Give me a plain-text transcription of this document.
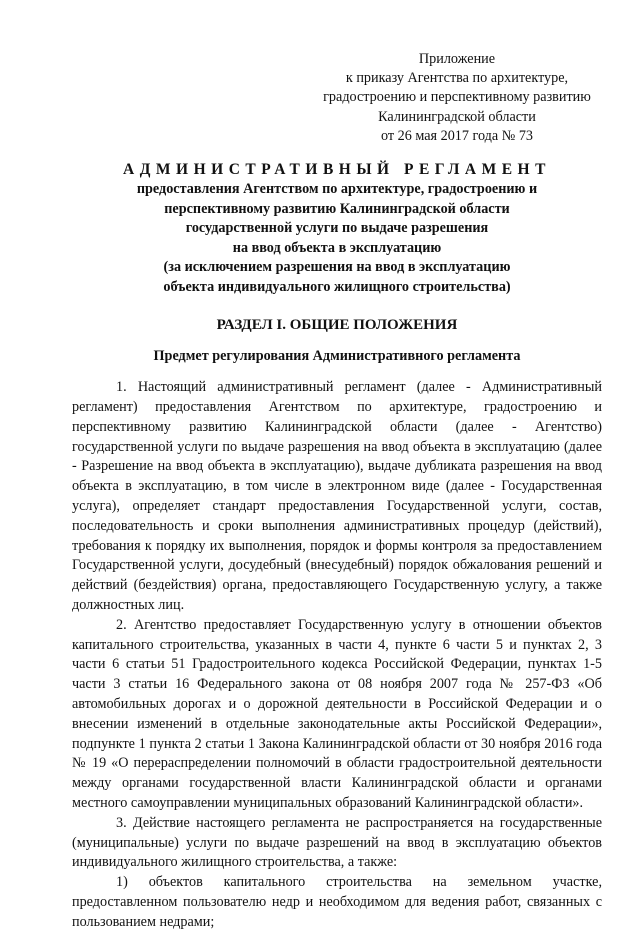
Приложение
к приказу Агентства по архитектуре,
градостроению и перспективному развитию
Калининградской области
от 26 мая 2017 года № 73
АДМИНИСТРАТИВНЫЙ РЕГЛАМЕНТ
предоставления Агентством по архитектуре, градостроению и
перспективному развитию Калининградской области
государственной услуги по выдаче разрешения
на ввод объекта в эксплуатацию
(за исключением разрешения на ввод в эксплуатацию
объекта индивидуального жилищного строительства)
РАЗДЕЛ I. ОБЩИЕ ПОЛОЖЕНИЯ
Предмет регулирования Административного регламента

1. Настоящий административный регламент (далее - Административный регламент) предоставления Агентством по архитектуре, градостроению и перспективному развитию Калининградской области (далее - Агентство) государственной услуги по выдаче разрешения на ввод объекта в эксплуатацию (далее - Разрешение на ввод объекта в эксплуатацию), выдаче дубликата разрешения на ввод объекта в эксплуатацию, в том числе в электронном виде (далее - Государственная услуга), определяет стандарт предоставления Государственной услуги, состав, последовательность и сроки выполнения административных процедур (действий), требования к порядку их выполнения, порядок и формы контроля за предоставлением Государственной услуги, досудебный (внесудебный) порядок обжалования решений и действий (бездействия) органа, предоставляющего Государственную услугу, а также должностных лиц.

2. Агентство предоставляет Государственную услугу в отношении объектов капитального строительства, указанных в части 4, пункте 6 части 5 и пунктах 2, 3 части 6 статьи 51 Градостроительного кодекса Российской Федерации, пунктах 1-5 части 3 статьи 16 Федерального закона от 08 ноября 2007 года № 257-ФЗ «Об автомобильных дорогах и о дорожной деятельности в Российской Федерации и о внесении изменений в отдельные законодательные акты Российской Федерации», подпункте 1 пункта 2 статьи 1 Закона Калининградской области от 30 ноября 2016 года № 19 «О перераспределении полномочий в области градостроительной деятельности между органами государственной власти Калининградской области и органами местного самоуправлении муниципальных образований Калининградской области».

3. Действие настоящего регламента не распространяется на государственные (муниципальные) услуги по выдаче разрешений на ввод в эксплуатацию объектов индивидуального жилищного строительства, а также:

1) объектов капитального строительства на земельном участке, предоставленном пользователю недр и необходимом для ведения работ, связанных с пользованием недрами;
